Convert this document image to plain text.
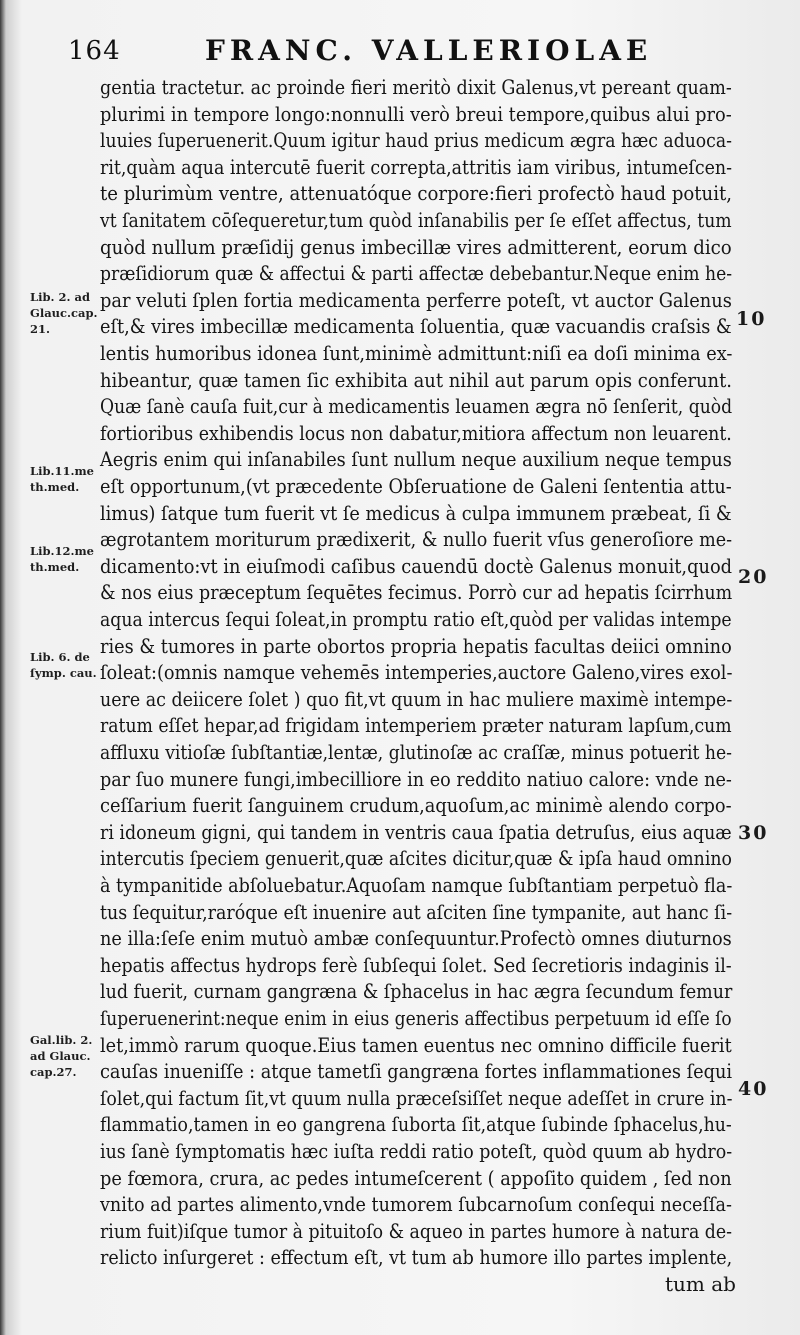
164	FRANC. VALLERIOLAE
gentia tractetur. ac proinde fieri meritò dixit Galenus,vt pereant quam-
plurimi in tempore longo:nonnulli verò breui tempore,quibus alui pro-
luuies ſuperuenerit.Quum igitur haud prius medicum ægra hæc aduoca-
rit,quàm aqua intercutē fuerit correpta,attritis iam viribus, intumeſcen-
te plurimùm ventre, attenuatóque corpore:fieri profectò haud potuit,
vt ſanitatem cōſequeretur,tum quòd inſanabilis per ſe eſſet affectus, tum
quòd nullum præſidij genus imbecillæ vires admitterent, eorum dico
præſidiorum quæ & affectui & parti affectæ debebantur.Neque enim he-
par veluti ſplen fortia medicamenta perferre poteſt, vt auctor Galenus
eſt,& vires imbecillæ medicamenta ſoluentia, quæ vacuandis craſsis &
lentis humoribus idonea ſunt,minimè admittunt:niſi ea doſi minima ex-
hibeantur, quæ tamen ſic exhibita aut nihil aut parum opis conferunt.
Quæ ſanè cauſa fuit,cur à medicamentis leuamen ægra nō ſenſerit, quòd
fortioribus exhibendis locus non dabatur,mitiora affectum non leuarent.
Aegris enim qui inſanabiles ſunt nullum neque auxilium neque tempus
eſt opportunum,(vt præcedente Obſeruatione de Galeni ſententia attu-
limus) ſatque tum fuerit vt ſe medicus à culpa immunem præbeat, ſi &
ægrotantem moriturum prædixerit, & nullo fuerit vſus generoſiore me-
dicamento:vt in eiuſmodi caſibus cauendū doctè Galenus monuit,quod
& nos eius præceptum ſequētes fecimus. Porrò cur ad hepatis ſcirrhum
aqua intercus ſequi ſoleat,in promptu ratio eſt,quòd per validas intempe
ries & tumores in parte obortos propria hepatis facultas deiici omnino
ſoleat:(omnis namque vehemēs intemperies,auctore Galeno,vires exol-
uere ac deiicere ſolet ) quo fit,vt quum in hac muliere maximè intempe-
ratum eſſet hepar,ad frigidam intemperiem præter naturam lapſum,cum
affluxu vitioſæ ſubſtantiæ,lentæ, glutinoſæ ac craſſæ, minus potuerit he-
par ſuo munere fungi,imbecilliore in eo reddito natiuo calore: vnde ne-
ceſſarium fuerit ſanguinem crudum,aquoſum,ac minimè alendo corpo-
ri idoneum gigni, qui tandem in ventris caua ſpatia detruſus, eius aquæ
intercutis ſpeciem genuerit,quæ aſcites dicitur,quæ & ipſa haud omnino
à tympanitide abſoluebatur.Aquoſam namque ſubſtantiam perpetuò fla-
tus ſequitur,raróque eſt inuenire aut aſciten ſine tympanite, aut hanc ſi-
ne illa:ſeſe enim mutuò ambæ conſequuntur.Profectò omnes diuturnos
hepatis affectus hydrops ferè ſubſequi ſolet. Sed ſecretioris indaginis il-
lud fuerit, curnam gangræna & ſphacelus in hac ægra ſecundum femur
ſuperuenerint:neque enim in eius generis affectibus perpetuum id eſſe ſo
let,immò rarum quoque.Eius tamen euentus nec omnino difficile fuerit
cauſas inueniſſe : atque tametſi gangræna fortes inflammationes ſequi
ſolet,qui factum ſit,vt quum nulla præceſsiſſet neque adeſſet in crure in-
flammatio,tamen in eo gangrena ſuborta ſit,atque ſubinde ſphacelus,hu-
ius ſanè ſymptomatis hæc iuſta reddi ratio poteſt, quòd quum ab hydro-
pe fœmora, crura, ac pedes intumeſcerent ( appoſito quidem , ſed non
vnito ad partes alimento,vnde tumorem ſubcarnoſum conſequi neceſſa-
rium fuit)iſque tumor à pituitoſo & aqueo in partes humore à natura de-
relicto inſurgeret : effectum eſt, vt tum ab humore illo partes implente,
tum ab
Lib. 2. ad
Glauc.cap.
21.
Lib.11.me
th.med.
Lib.12.me
th.med.
Lib. 6. de
ſymp. cau.
Gal.lib. 2.
ad Glauc.
cap.27.
10
20
30
40
